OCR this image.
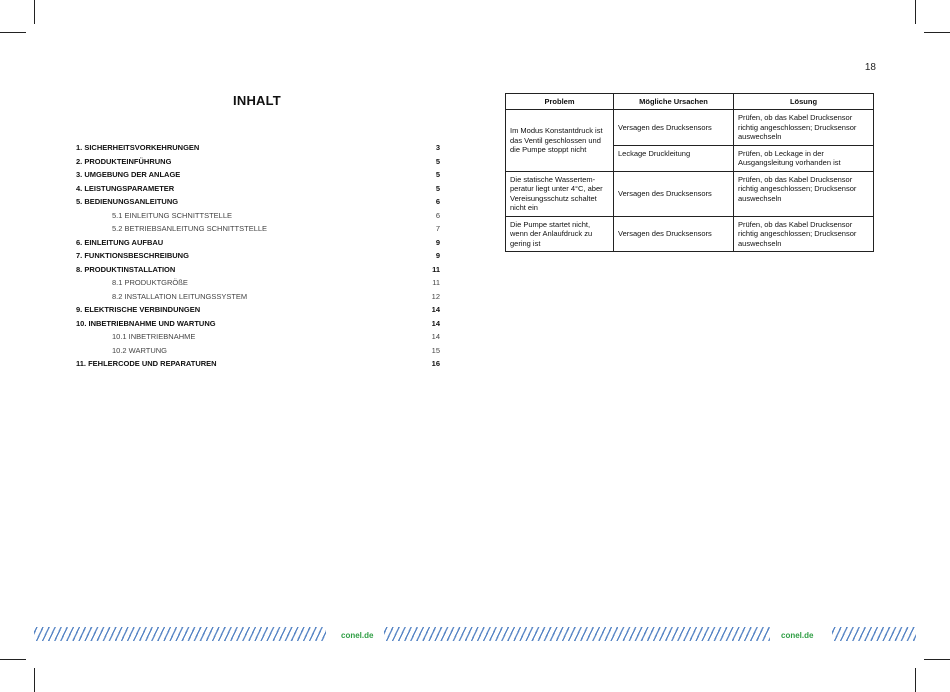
18
INHALT
1. SICHERHEITSVORKEHRUNGEN	3
2. PRODUKTEINFÜHRUNG	5
3. UMGEBUNG DER ANLAGE	5
4. LEISTUNGSPARAMETER	5
5. BEDIENUNGSANLEITUNG	6
5.1 EINLEITUNG SCHNITTSTELLE	6
5.2 BETRIEBSANLEITUNG SCHNITTSTELLE	7
6. EINLEITUNG AUFBAU	9
7. FUNKTIONSBESCHREIBUNG	9
8. PRODUKTINSTALLATION	11
8.1 PRODUKTGRÖßE	11
8.2 INSTALLATION LEITUNGSSYSTEM	12
9. ELEKTRISCHE VERBINDUNGEN	14
10. INBETRIEBNAHME UND WARTUNG	14
10.1 INBETRIEBNAHME	14
10.2 WARTUNG	15
11. FEHLERCODE UND REPARATUREN	16
Problem	Mögliche Ursachen	Lösung
Im Modus Konstantdruck ist das Ventil geschlossen und die Pumpe stoppt nicht	Versagen des Drucksensors	Prüfen, ob das Kabel Drucksensor richtig angeschlossen; Drucksensor auswechseln
	Leckage Druckleitung	Prüfen, ob Leckage in der Ausgangsleitung vorhanden ist
Die statische Wassertem-peratur liegt unter 4°C, aber Vereisungsschutz schaltet nicht ein	Versagen des Drucksensors	Prüfen, ob das Kabel Drucksensor richtig angeschlossen; Drucksensor auswechseln
Die Pumpe startet nicht, wenn der Anlaufdruck zu gering ist	Versagen des Drucksensors	Prüfen, ob das Kabel Drucksensor richtig angeschlossen; Drucksensor auswechseln
conel.de	conel.de
